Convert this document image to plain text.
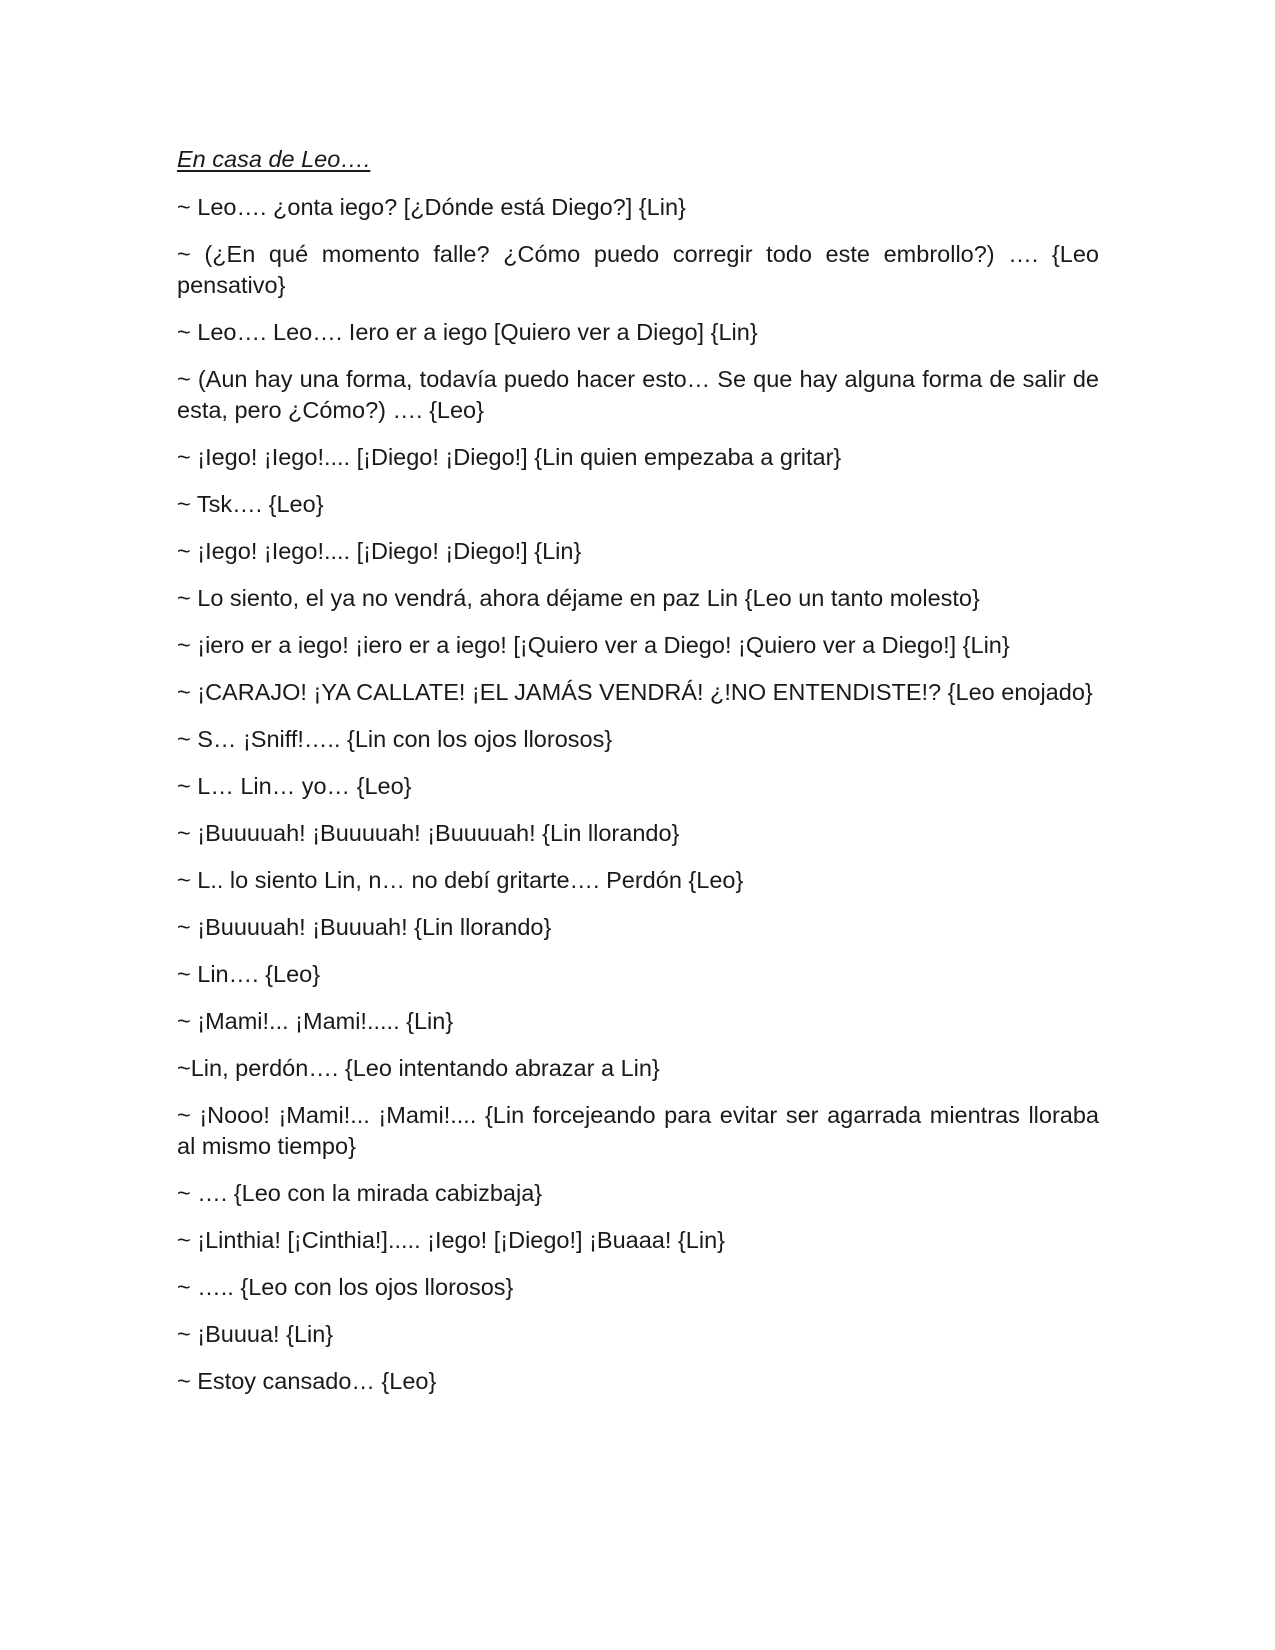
En casa de Leo….

~ Leo…. ¿onta iego? [¿Dónde está Diego?] {Lin}

~ (¿En qué momento falle? ¿Cómo puedo corregir todo este embrollo?) …. {Leo pensativo}

~ Leo…. Leo…. Iero er a iego [Quiero ver a Diego] {Lin}

~ (Aun hay una forma, todavía puedo hacer esto… Se que hay alguna forma de salir de esta, pero ¿Cómo?) …. {Leo}

~ ¡Iego! ¡Iego!.... [¡Diego! ¡Diego!] {Lin quien empezaba a gritar}

~ Tsk…. {Leo}

~ ¡Iego! ¡Iego!.... [¡Diego! ¡Diego!] {Lin}

~ Lo siento, el ya no vendrá, ahora déjame en paz Lin {Leo un tanto molesto}

~ ¡iero er a iego! ¡iero er a iego! [¡Quiero ver a Diego! ¡Quiero ver a Diego!] {Lin}

~ ¡CARAJO! ¡YA CALLATE! ¡EL JAMÁS VENDRÁ! ¿!NO ENTENDISTE!? {Leo enojado}

~ S… ¡Sniff!….. {Lin con los ojos llorosos}

~ L… Lin… yo… {Leo}

~ ¡Buuuuah! ¡Buuuuah! ¡Buuuuah! {Lin llorando}

~ L.. lo siento Lin, n… no debí gritarte…. Perdón {Leo}

~ ¡Buuuuah! ¡Buuuah! {Lin llorando}

~ Lin…. {Leo}

~ ¡Mami!... ¡Mami!..... {Lin}

~Lin, perdón…. {Leo intentando abrazar a Lin}

~ ¡Nooo! ¡Mami!... ¡Mami!.... {Lin forcejeando para evitar ser agarrada mientras lloraba al mismo tiempo}

~ …. {Leo con la mirada cabizbaja}

~ ¡Linthia! [¡Cinthia!]..... ¡Iego! [¡Diego!] ¡Buaaa! {Lin}

~ ….. {Leo con los ojos llorosos}

~ ¡Buuua! {Lin}

~ Estoy cansado… {Leo}
